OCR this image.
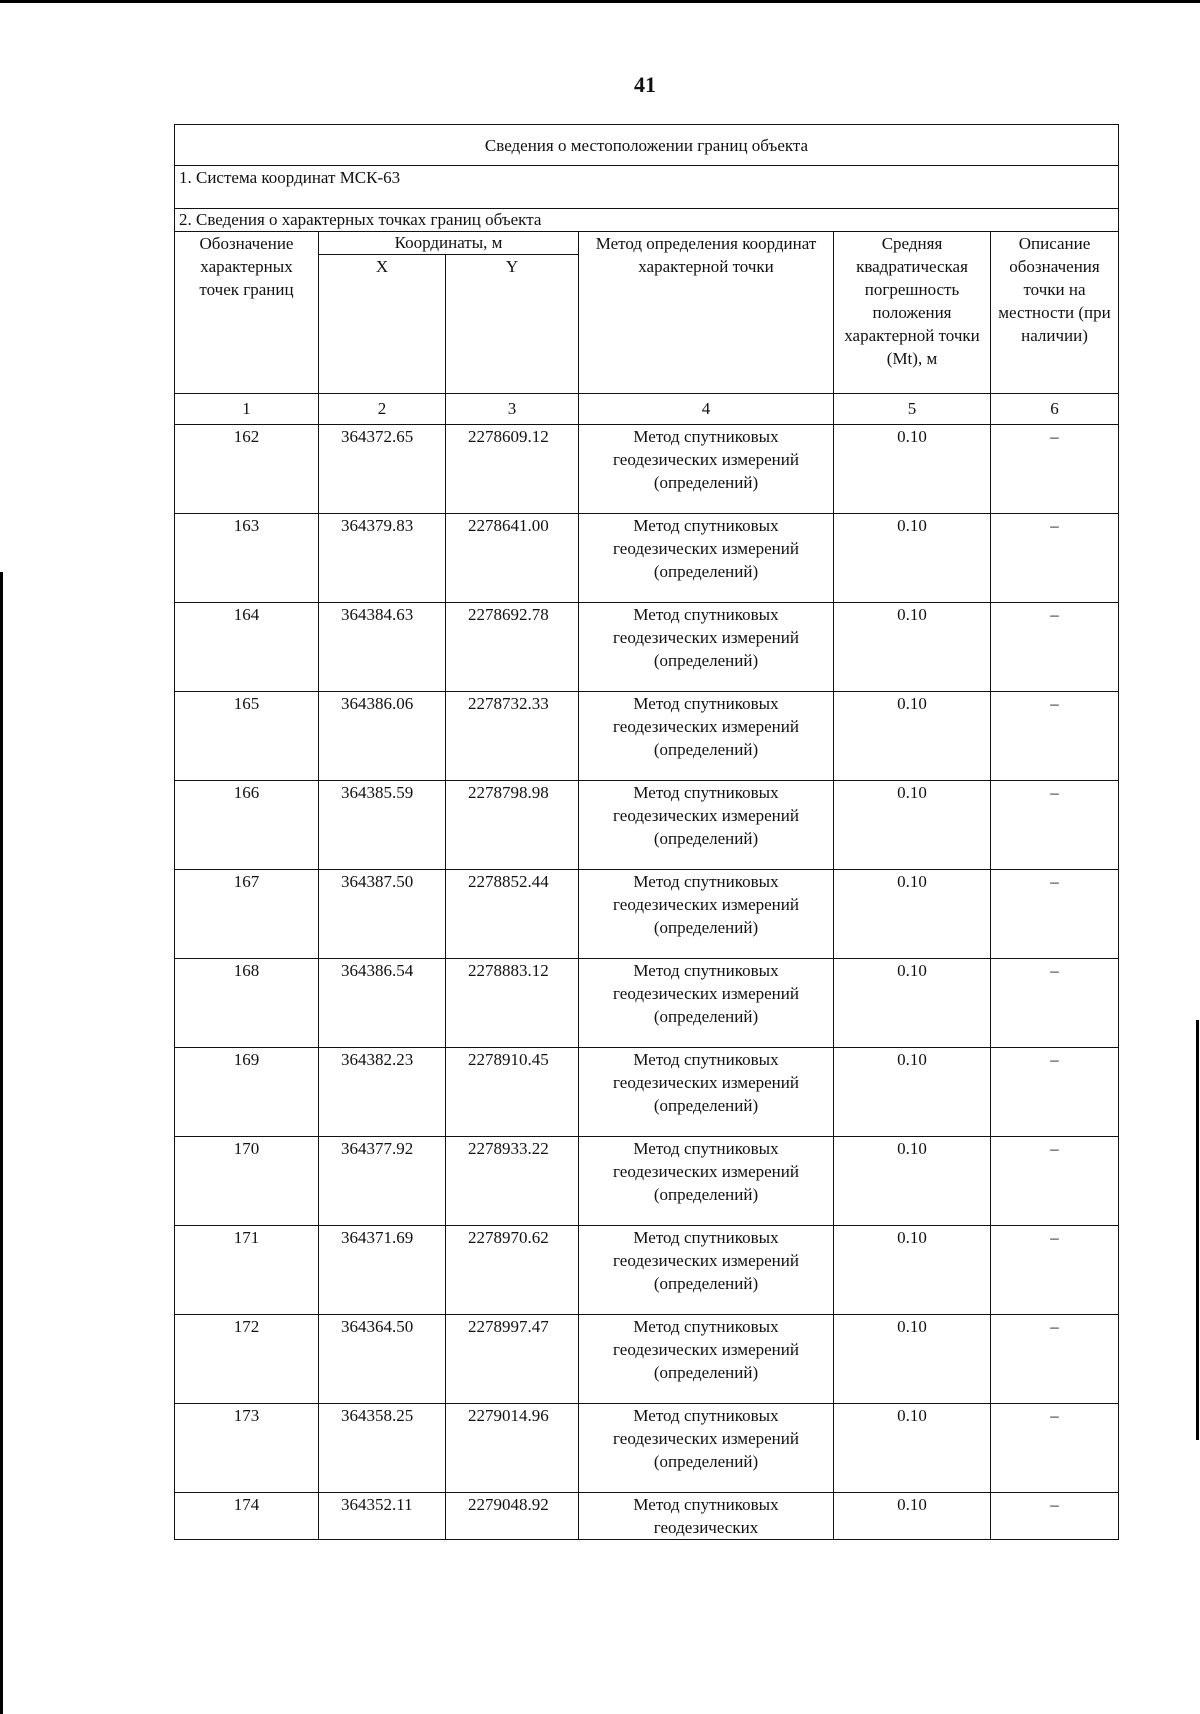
41
Сведения о местоположении границ объекта					
1. Система координат МСК-63					
2. Сведения о характерных точках границ объекта					
Обозначение характерных точек границ	Координаты, м		Метод определения координат характерной точки	Средняя квадратическая погрешность положения характерной точки (Mt), м	Описание обозначения точки на местности (при наличии)
	X	Y			
1	2	3	4	5	6
162	364372.65	2278609.12	Метод спутниковых геодезических измерений (определений)	0.10	–
163	364379.83	2278641.00	Метод спутниковых геодезических измерений (определений)	0.10	–
164	364384.63	2278692.78	Метод спутниковых геодезических измерений (определений)	0.10	–
165	364386.06	2278732.33	Метод спутниковых геодезических измерений (определений)	0.10	–
166	364385.59	2278798.98	Метод спутниковых геодезических измерений (определений)	0.10	–
167	364387.50	2278852.44	Метод спутниковых геодезических измерений (определений)	0.10	–
168	364386.54	2278883.12	Метод спутниковых геодезических измерений (определений)	0.10	–
169	364382.23	2278910.45	Метод спутниковых геодезических измерений (определений)	0.10	–
170	364377.92	2278933.22	Метод спутниковых геодезических измерений (определений)	0.10	–
171	364371.69	2278970.62	Метод спутниковых геодезических измерений (определений)	0.10	–
172	364364.50	2278997.47	Метод спутниковых геодезических измерений (определений)	0.10	–
173	364358.25	2279014.96	Метод спутниковых геодезических измерений (определений)	0.10	–
174	364352.11	2279048.92	Метод спутниковых геодезических	0.10	–
